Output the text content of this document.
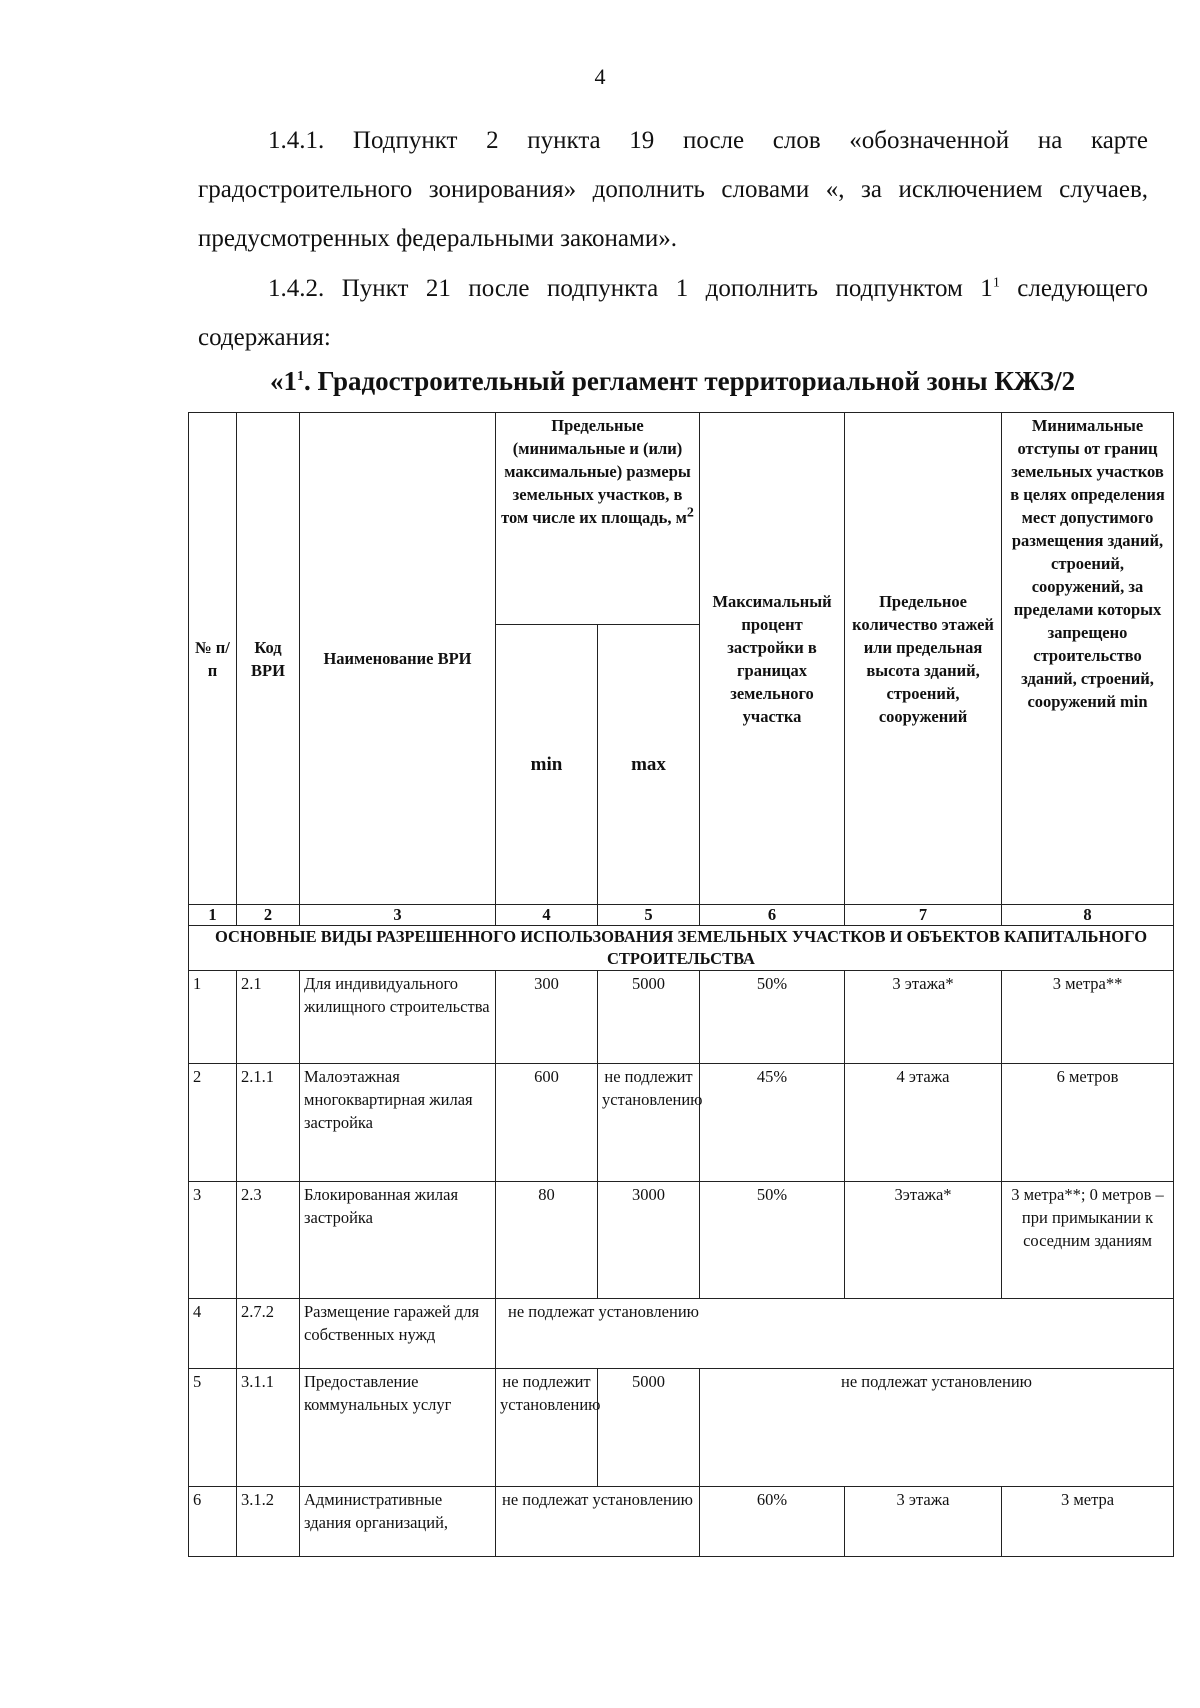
4
1.4.1. Подпункт 2 пункта 19 после слов «обозначенной на карте градостроительного зонирования» дополнить словами «, за исключением случаев, предусмотренных федеральными законами».
1.4.2. Пункт 21 после подпункта 1 дополнить подпунктом $1^1$ следующего содержания:
«$1^1$. Градостроительный регламент территориальной зоны КЖЗ/2
№ п/ п	Код ВРИ	Наименование ВРИ	Предельные (минимальные и (или) максимальные) размеры земельных участков, в том числе их площадь, $м^2$		Максимальный процент застройки в границах земельного участка	Предельное количество этажей или предельная высота зданий, строений, сооружений	Минимальные отступы от границ земельных участков в целях определения мест допустимого размещения зданий, строений, сооружений, за пределами которых запрещено строительство зданий, строений, сооружений min
			min	max			
1	2	3	4	5	6	7	8
ОСНОВНЫЕ ВИДЫ РАЗРЕШЕННОГО ИСПОЛЬЗОВАНИЯ ЗЕМЕЛЬНЫХ УЧАСТКОВ И ОБЪЕКТОВ КАПИТАЛЬНОГО СТРОИТЕЛЬСТВА							
1	2.1	Для индивидуального жилищного строительства	300	5000	50%	3 этажа*	3 метра**
2	2.1.1	Малоэтажная многоквартирная жилая застройка	600	не подлежит установлению	45%	4 этажа	6 метров
3	2.3	Блокированная жилая застройка	80	3000	50%	3этажа*	3 метра**; 0 метров – при примыкании к соседним зданиям
4	2.7.2	Размещение гаражей для собственных нужд	не подлежат установлению				
5	3.1.1	Предоставление коммунальных услуг	не подлежит установлению	5000	не подлежат установлению		
6	3.1.2	Административные здания организаций,	не подлежат установлению		60%	3 этажа	3 метра
